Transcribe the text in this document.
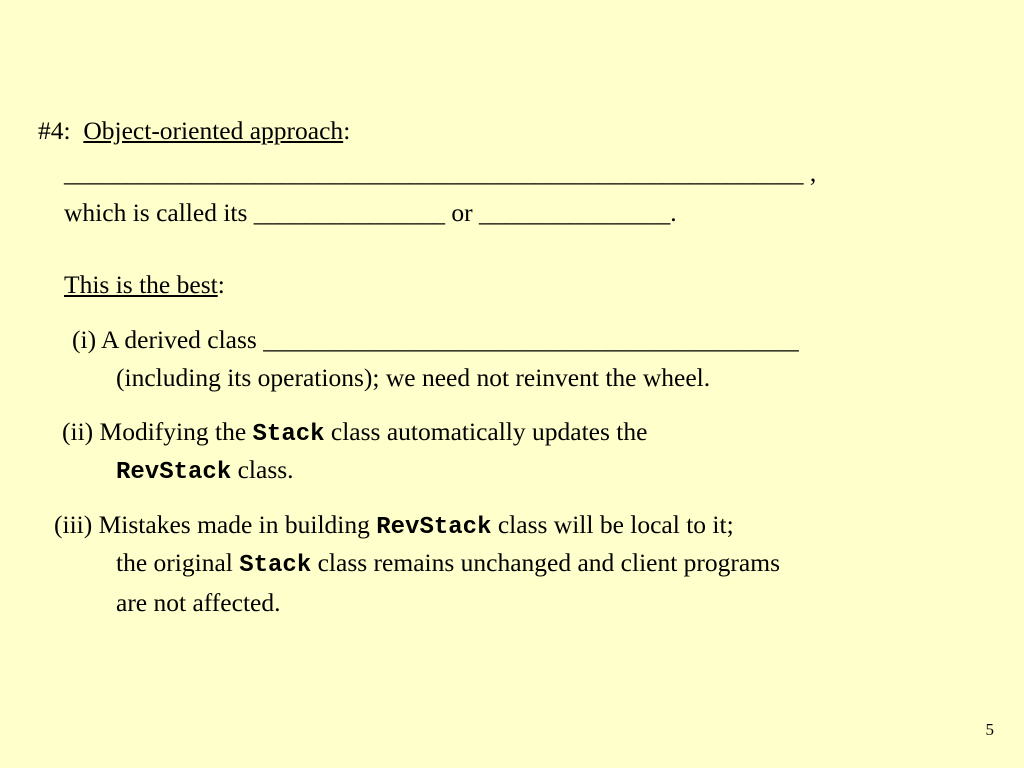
#4: Object-oriented approach:
__________________________________________________________ ,
which is called its _______________ or _______________.
This is the best:
(i) A derived class __________________________________________
(including its operations); we need not reinvent the wheel.
(ii) Modifying the Stack class automatically updates the
RevStack class.
(iii) Mistakes made in building RevStack class will be local to it;
the original Stack class remains unchanged and client programs
are not affected.
5
